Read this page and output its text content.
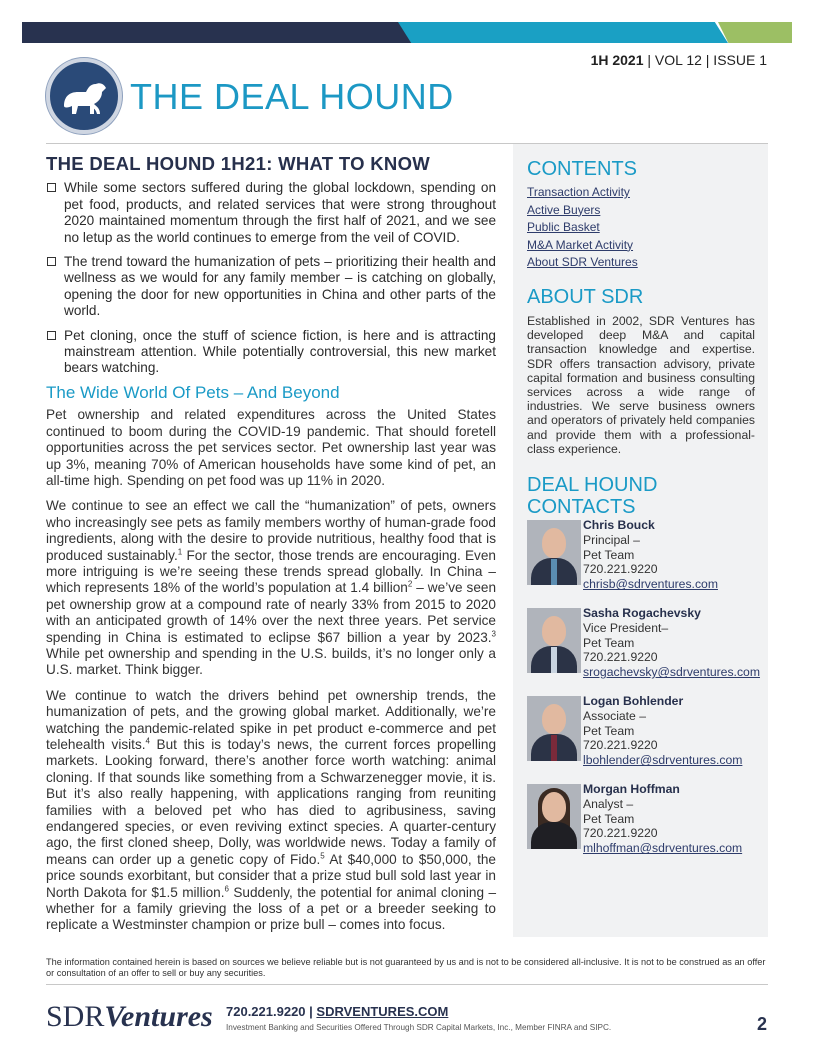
1H 2021 | VOL 12 | ISSUE 1
THE DEAL HOUND
THE DEAL HOUND 1H21: WHAT TO KNOW
While some sectors suffered during the global lockdown, spending on pet food, products, and related services that were strong throughout 2020 maintained momentum through the first half of 2021, and we see no letup as the world continues to emerge from the veil of COVID.
The trend toward the humanization of pets – prioritizing their health and wellness as we would for any family member – is catching on globally, opening the door for new opportunities in China and other parts of the world.
Pet cloning, once the stuff of science fiction, is here and is attracting mainstream attention. While potentially controversial, this new market bears watching.
The Wide World Of Pets – And Beyond

Pet ownership and related expenditures across the United States continued to boom during the COVID-19 pandemic. That should foretell opportunities across the pet services sector. Pet ownership last year was up 3%, meaning 70% of American households have some kind of pet, an all-time high. Spending on pet food was up 11% in 2020.

We continue to see an effect we call the “humanization” of pets, owners who increasingly see pets as family members worthy of human-grade food ingredients, along with the desire to provide nutritious, healthy food that is produced sustainably.$^1$ For the sector, those trends are encouraging. Even more intriguing is we’re seeing these trends spread globally. In China – which represents 18% of the world’s population at 1.4 billion$^2$ – we’ve seen pet ownership grow at a compound rate of nearly 33% from 2015 to 2020 with an anticipated growth of 14% over the next three years. Pet service spending in China is estimated to eclipse $67 billion a year by 2023.$^3$ While pet ownership and spending in the U.S. builds, it’s no longer only a U.S. market. Think bigger.

We continue to watch the drivers behind pet ownership trends, the humanization of pets, and the growing global market. Additionally, we’re watching the pandemic-related spike in pet product e-commerce and pet telehealth visits.$^4$ But this is today’s news, the current forces propelling markets. Looking forward, there’s another force worth watching: animal cloning. If that sounds like something from a Schwarzenegger movie, it is. But it’s also really happening, with applications ranging from reuniting families with a beloved pet who has died to agribusiness, saving endangered species, or even reviving extinct species. A quarter-century ago, the first cloned sheep, Dolly, was worldwide news. Today a family of means can order up a genetic copy of Fido.$^5$ At $40,000 to $50,000, the price sounds exorbitant, but consider that a prize stud bull sold last year in North Dakota for $1.5 million.$^6$ Suddenly, the potential for animal cloning – whether for a family grieving the loss of a pet or a breeder seeking to replicate a Westminster champion or prize bull – comes into focus.

CONTENTS
Transaction Activity
Active Buyers
Public Basket
M&A Market Activity
About SDR Ventures
ABOUT SDR
Established in 2002, SDR Ventures has developed deep M&A and capital transaction knowledge and expertise. SDR offers transaction advisory, private capital formation and business consulting services across a wide range of industries. We serve business owners and operators of privately held companies and provide them with a professional-class experience.
DEAL HOUND
CONTACTS
Chris Bouck
Principal –
Pet Team
720.221.9220
chrisb@sdrventures.com
Sasha Rogachevsky
Vice President–
Pet Team
720.221.9220
srogachevsky@sdrventures.com
Logan Bohlender
Associate –
Pet Team
720.221.9220
lbohlender@sdrventures.com
Morgan Hoffman
Analyst –
Pet Team
720.221.9220
mlhoffman@sdrventures.com
The information contained herein is based on sources we believe reliable but is not guaranteed by us and is not to be considered all-inclusive. It is not to be construed as an offer or consultation of an offer to sell or buy any securities.
SDRVentures 720.221.9220 | SDRVENTURES.COM
Investment Banking and Securities Offered Through SDR Capital Markets, Inc., Member FINRA and SIPC.	2
